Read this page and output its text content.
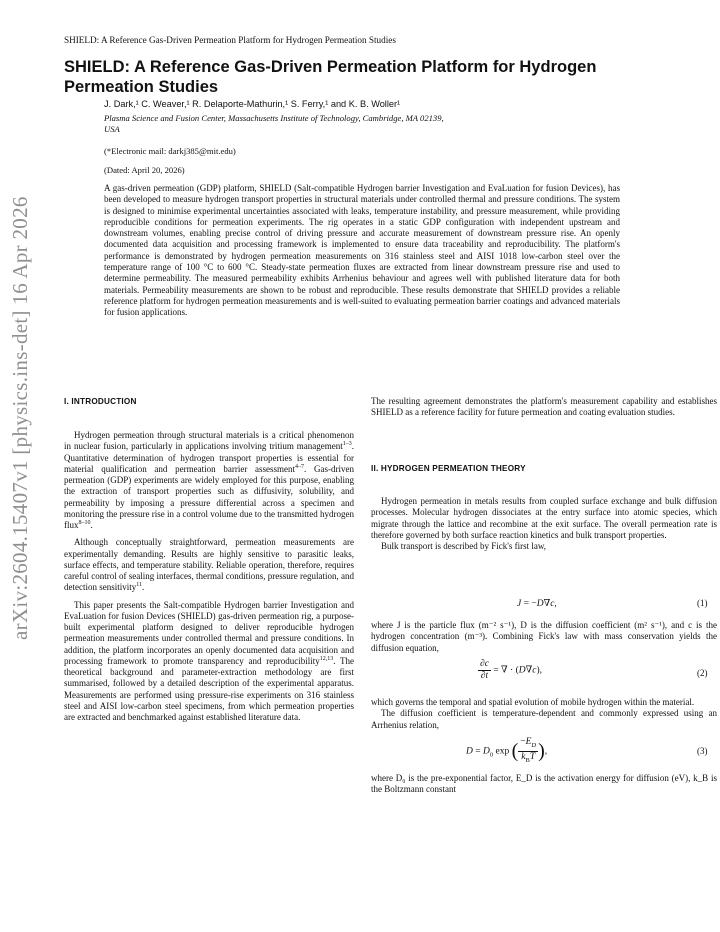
arXiv:2604.15407v1 [physics.ins-det] 16 Apr 2026
SHIELD: A Reference Gas-Driven Permeation Platform for Hydrogen Permeation Studies
SHIELD: A Reference Gas-Driven Permeation Platform for Hydrogen Permeation Studies
J. Dark,¹ C. Weaver,¹ R. Delaporte-Mathurin,¹ S. Ferry,¹ and K. B. Woller¹
Plasma Science and Fusion Center, Massachusetts Institute of Technology, Cambridge, MA 02139,
USA
(*Electronic mail: darkj385@mit.edu)
(Dated: April 20, 2026)
A gas-driven permeation (GDP) platform, SHIELD (Salt-compatible Hydrogen barrier Investigation and EvaLuation for fusion Devices), has been developed to measure hydrogen transport properties in structural materials under controlled thermal and pressure conditions. The system is designed to minimise experimental uncertainties associated with leaks, temperature instability, and pressure measurement, while providing reproducible conditions for permeation experiments. The rig operates in a static GDP configuration with independent upstream and downstream volumes, enabling precise control of driving pressure and accurate measurement of downstream pressure rise. An openly documented data acquisition and processing framework is implemented to ensure data traceability and reproducibility. The platform's performance is demonstrated by hydrogen permeation measurements on 316 stainless steel and AISI 1018 low-carbon steel over the temperature range of 100 °C to 600 °C. Steady-state permeation fluxes are extracted from linear downstream pressure rise and used to determine permeability. The measured permeability exhibits Arrhenius behaviour and agrees well with published literature data for both materials. Permeability measurements are shown to be robust and reproducible. These results demonstrate that SHIELD provides a reliable reference platform for hydrogen permeation measurements and is well-suited to evaluating permeation barrier coatings and advanced materials for fusion applications.
I. INTRODUCTION

Hydrogen permeation through structural materials is a critical phenomenon in nuclear fusion, particularly in applications involving tritium management$^{1-3}$. Quantitative determination of hydrogen transport properties is essential for material qualification and permeation barrier assessment$^{4-7}$. Gas-driven permeation (GDP) experiments are widely employed for this purpose, enabling the extraction of transport properties such as diffusivity, solubility, and permeability by imposing a pressure differential across a specimen and monitoring the pressure rise in a control volume due to the transmitted hydrogen flux$^{8-10}$.

Although conceptually straightforward, permeation measurements are experimentally demanding. Results are highly sensitive to parasitic leaks, surface effects, and temperature stability. Reliable operation, therefore, requires careful control of sealing interfaces, thermal conditions, pressure regulation, and detection sensitivity$^{11}$.

This paper presents the Salt-compatible Hydrogen barrier Investigation and EvaLuation for fusion Devices (SHIELD) gas-driven permeation rig, a purpose-built experimental platform designed to deliver reproducible hydrogen permeation measurements under controlled thermal and pressure conditions. In addition, the platform incorporates an openly documented data acquisition and processing framework to promote transparency and reproducibility$^{12,13}$. The theoretical background and parameter-extraction methodology are first summarised, followed by a detailed description of the experimental apparatus. Measurements are performed using pressure-rise experiments on 316 stainless steel and AISI low-carbon steel specimens, from which permeation properties are extracted and benchmarked against established literature data.

The resulting agreement demonstrates the platform's measurement capability and establishes SHIELD as a reference facility for future permeation and coating evaluation studies.
II. HYDROGEN PERMEATION THEORY

Hydrogen permeation in metals results from coupled surface exchange and bulk diffusion processes. Molecular hydrogen dissociates at the entry surface into atomic species, which migrate through the lattice and recombine at the exit surface. The overall permeation rate is therefore governed by both surface reaction kinetics and bulk transport properties.

Bulk transport is described by Fick's first law,

J = −D∇c,	(1)
where J is the particle flux (m⁻² s⁻¹), D is the diffusion coefficient (m² s⁻¹), and c is the hydrogen concentration (m⁻³). Combining Fick's law with mass conservation yields the diffusion equation,
$\frac{\partial c}{\partial t}$ = ∇ · (D∇c),	(2)
which governs the temporal and spatial evolution of mobile hydrogen within the material.

The diffusion coefficient is temperature-dependent and commonly expressed using an Arrhenius relation,

$D = D_0$ exp ( $\frac{-E_D}{k_BT}$ ),	(3)
where D₀ is the pre-exponential factor, E_D is the activation energy for diffusion (eV), k_B is the Boltzmann constant
